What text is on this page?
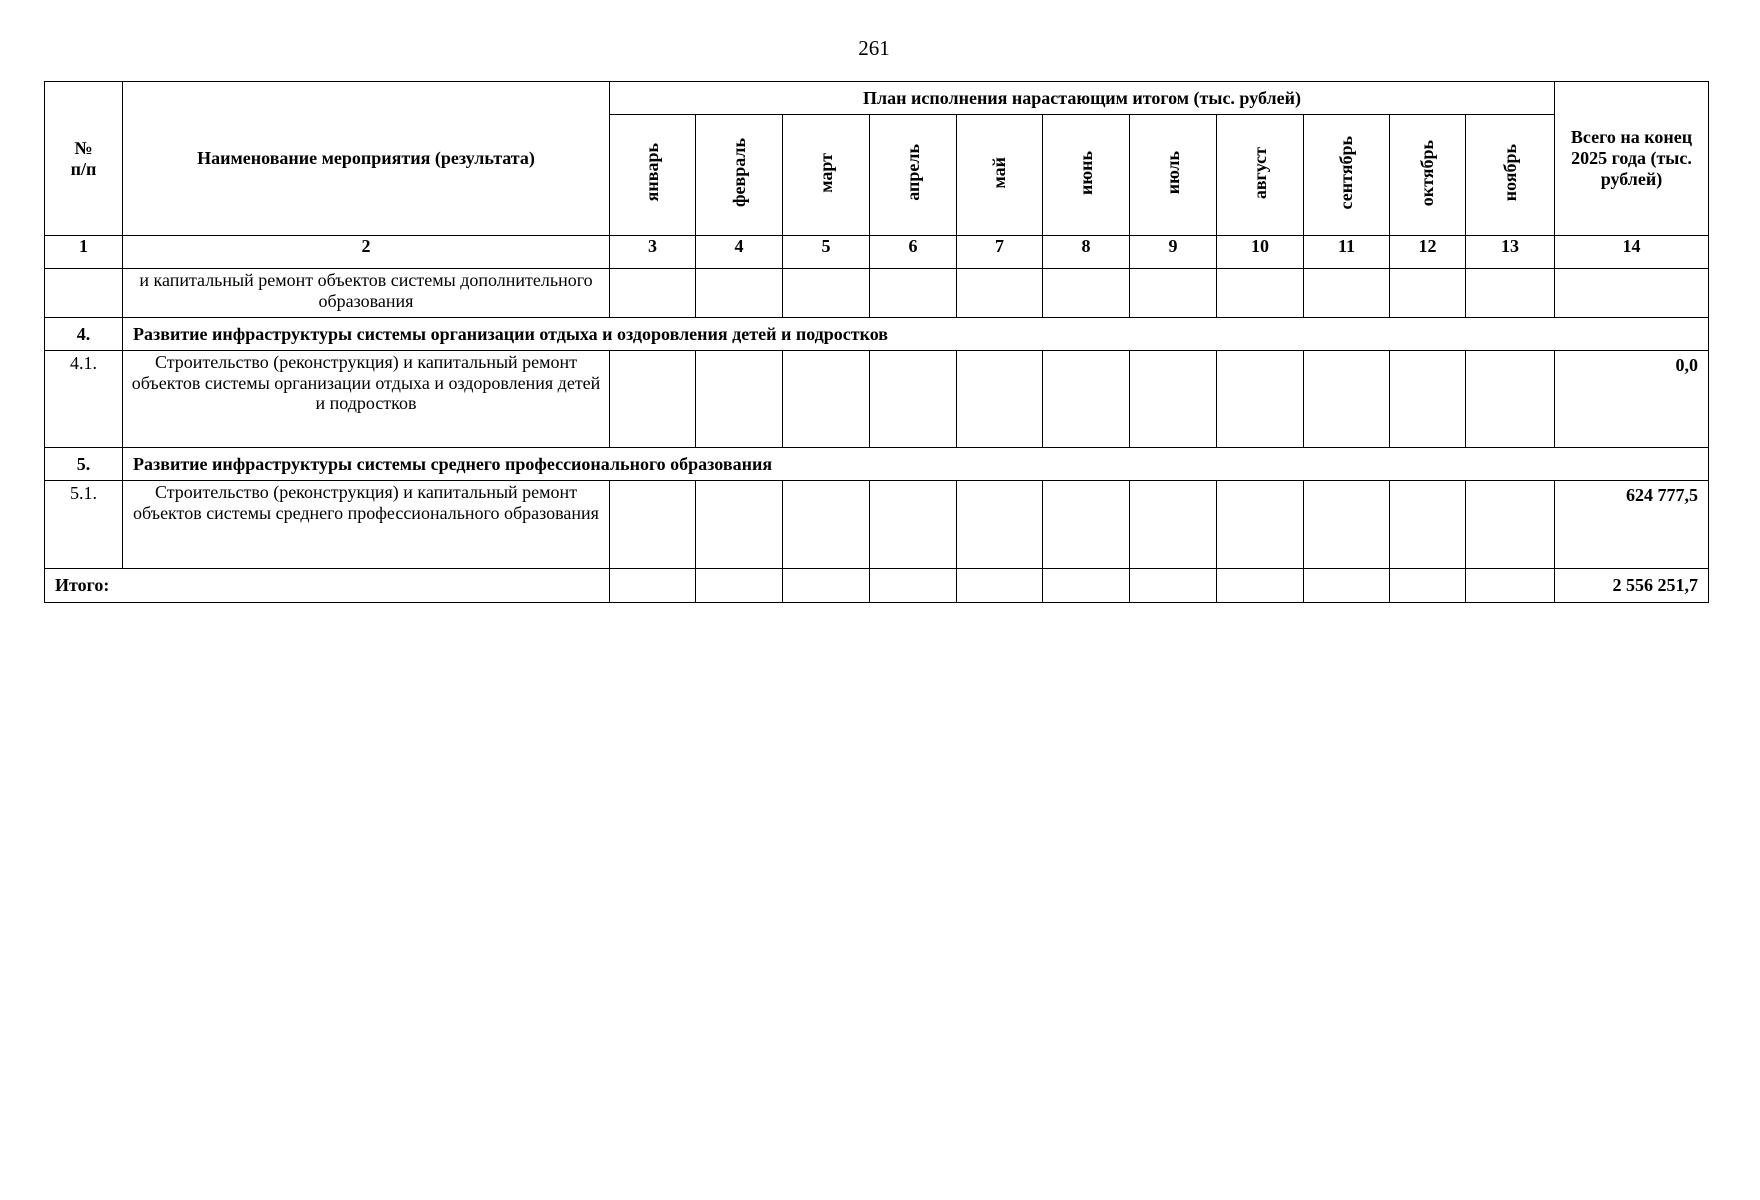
261
№
п/п	Наименование мероприятия (результата)	План исполнения нарастающим итогом (тыс. рублей)											Всего на конец 2025 года (тыс. рублей)
		январь	февраль	март	апрель	май	июнь	июль	август	сентябрь	октябрь	ноябрь	
1	2	3	4	5	6	7	8	9	10	11	12	13	14
	и капитальный ремонт объектов системы дополнительного образования												
4.	Развитие инфраструктуры системы организации отдыха и оздоровления детей и подростков												
4.1.	Строительство (реконструкция) и капитальный ремонт объектов системы организации отдыха и оздоровления детей и подростков												0,0
5.	Развитие инфраструктуры системы среднего профессионального образования												
5.1.	Строительство (реконструкция) и капитальный ремонт объектов системы среднего профессионального образования												624 777,5
Итого:													2 556 251,7
